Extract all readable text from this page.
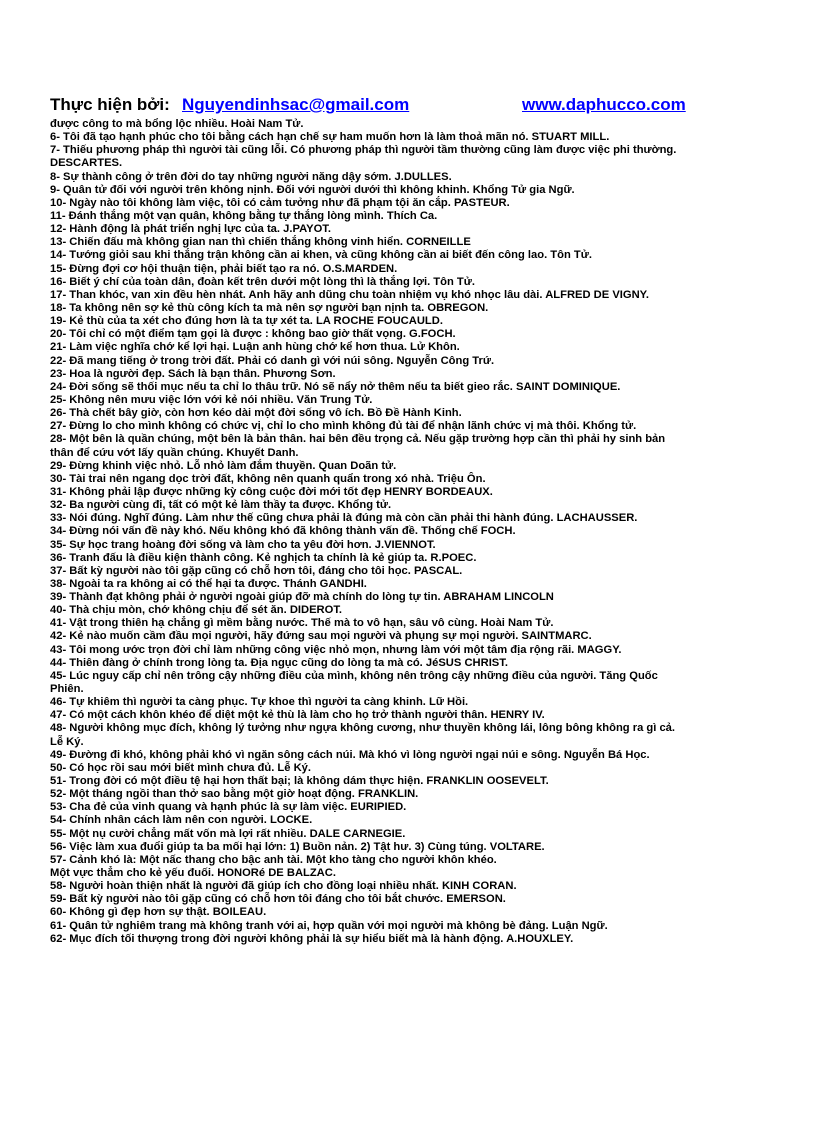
Thực hiện bởi: Nguyendinhsac@gmail.com	www.daphucco.com
được công to mà bổng lộc nhiều. Hoài Nam Tử.
6- Tôi đã tạo hạnh phúc cho tôi bằng cách hạn chế sự ham muốn hơn là làm thoả mãn nó. STUART MILL.
7- Thiếu phương pháp thì người tài cũng lỗi. Có phương pháp thì người tầm thường cũng làm được việc phi thường.
DESCARTES.
8- Sự thành công ở trên đời do tay những người năng dậy sớm. J.DULLES.
9- Quân tử đối với người trên không nịnh. Đối với người dưới thì không khinh. Khổng Tử gia Ngữ.
10- Ngày nào tôi không làm việc, tôi có cảm tưởng như đã phạm tội ăn cắp. PASTEUR.
11- Đánh thắng một vạn quân, không bằng tự thắng lòng mình. Thích Ca.
12- Hành động là phát triển nghị lực của ta. J.PAYOT.
13- Chiến đấu mà không gian nan thì chiến thắng không vinh hiển. CORNEILLE
14- Tướng giỏi sau khi thắng trận không cần ai khen, và cũng không cần ai biết đến công lao. Tôn Tử.
15- Đừng đợi cơ hội thuận tiện, phải biết tạo ra nó. O.S.MARDEN.
16- Biết ý chí của toàn dân, đoàn kết trên dưới một lòng thì là thắng lợi. Tôn Tử.
17- Than khóc, van xin đều hèn nhát. Anh hãy anh dũng chu toàn nhiệm vụ khó nhọc lâu dài. ALFRED DE VIGNY.
18- Ta không nên sợ kẻ thù công kích ta mà nên sợ người bạn nịnh ta. OBREGON.
19- Kẻ thù của ta xét cho đúng hơn là ta tự xét ta. LA ROCHE FOUCAULD.
20- Tôi chỉ có một điểm tạm gọi là được : không bao giờ thất vọng. G.FOCH.
21- Làm việc nghĩa chớ kể lợi hại. Luận anh hùng chớ kể hơn thua. Lử Khôn.
22- Đã mang tiếng ở trong trời đất. Phải có danh gì với núi sông. Nguyễn Công Trứ.
23- Hoa là người đẹp. Sách là bạn thân. Phương Sơn.
24- Đời sống sẽ thối mục nếu ta chỉ lo thâu trữ. Nó sẽ nẩy nở thêm nếu ta biết gieo rắc. SAINT DOMINIQUE.
25- Không nên mưu việc lớn với kẻ nói nhiều. Văn Trung Tử.
26- Thà chết bây giờ, còn hơn kéo dài một đời sống vô ích. Bồ Đề Hành Kinh.
27- Đừng lo cho mình không có chức vị, chỉ lo cho mình không đủ tài để nhận lãnh chức vị mà thôi. Khổng tử.
28- Một bên là quần chúng, một bên là bản thân. hai bên đều trọng cả. Nếu gặp trường hợp cần thì phải hy sinh bản
thân để cứu vớt lấy quần chúng. Khuyết Danh.
29- Đừng khinh việc nhỏ. Lỗ nhỏ làm đắm thuyền. Quan Doãn tử.
30- Tài trai nên ngang dọc trời đất, không nên quanh quẩn trong xó nhà. Triệu Ôn.
31- Không phải lập được những kỳ công cuộc đời mới tốt đẹp HENRY BORDEAUX.
32- Ba người cùng đi, tất có một kẻ làm thầy ta được. Khổng tử.
33- Nói đúng. Nghĩ đúng. Làm như thế cũng chưa phải là đúng mà còn cần phải thi hành đúng. LACHAUSSER.
34- Đừng nói vấn đề này khó. Nếu không khó đã không thành vấn đề. Thống chế FOCH.
35- Sự học trang hoàng đời sống và làm cho ta yêu đời hơn. J.VIENNOT.
36- Tranh đấu là điều kiện thành công. Kẻ nghịch ta chính là kẻ giúp ta. R.POEC.
37- Bất kỳ người nào tôi gặp cũng có chỗ hơn tôi, đáng cho tôi học. PASCAL.
38- Ngoài ta ra không ai có thể hại ta được. Thánh GANDHI.
39- Thành đạt không phải ở người ngoài giúp đỡ mà chính do lòng tự tin. ABRAHAM LINCOLN
40- Thà chịu mòn, chớ không chịu để sét ăn. DIDEROT.
41- Vật trong thiên hạ chẳng gì mềm bằng nước. Thế mà to vô hạn, sâu vô cùng. Hoài Nam Tử.
42- Kẻ nào muốn cầm đầu mọi người, hãy đứng sau mọi người và phụng sự mọi người. SAINTMARC.
43- Tôi mong ước trọn đời chỉ làm những công việc nhỏ mọn, nhưng làm với một tâm địa rộng rãi. MAGGY.
44- Thiên đàng ở chính trong lòng ta. Địa ngục cũng do lòng ta mà có. JéSUS CHRIST.
45- Lúc nguy cấp chỉ nên trông cậy những điều của mình, không nên trông cậy những điều của người. Tăng Quốc
Phiên.
46- Tự khiêm thì người ta càng phục. Tự khoe thì người ta càng khinh. Lữ Hồi.
47- Có một cách khôn khéo để diệt một kẻ thù là làm cho họ trở thành người thân. HENRY IV.
48- Người không mục đích, không lý tưởng như ngựa không cương, như thuyền không lái, lông bông không ra gì cả.
Lễ Ký.
49- Đường đi khó, không phải khó vì ngăn sông cách núi. Mà khó vì lòng người ngại núi e sông. Nguyễn Bá Học.
50- Có học rồi sau mới biết mình chưa đủ. Lễ Ký.
51- Trong đời có một điều tệ hại hơn thất bại; là không dám thực hiện. FRANKLIN OOSEVELT.
52- Một tháng ngồi than thở sao bằng một giờ hoạt động. FRANKLIN.
53- Cha đẻ của vinh quang và hạnh phúc là sự làm việc. EURIPIED.
54- Chính nhân cách làm nên con người. LOCKE.
55- Một nụ cười chẳng mất vốn mà lợi rất nhiều. DALE CARNEGIE.
56- Việc làm xua đuổi giúp ta ba mối hại lớn: 1) Buồn nản. 2) Tật hư. 3) Cùng túng. VOLTARE.
57- Cảnh khó là: Một nấc thang cho bậc anh tài. Một kho tàng cho người khôn khéo.
Một vực thẳm cho kẻ yếu đuối. HONORé DE BALZAC.
58- Người hoàn thiện nhất là người đã giúp ích cho đồng loại nhiều nhất. KINH CORAN.
59- Bất kỳ người nào tôi gặp cũng có chỗ hơn tôi đáng cho tôi bắt chước. EMERSON.
60- Không gì đẹp hơn sự thật. BOILEAU.
61- Quân tử nghiêm trang mà không tranh với ai, hợp quần với mọi người mà không bè đảng. Luận Ngữ.
62- Mục đích tối thượng trong đời người không phải là sự hiểu biết mà là hành động. A.HOUXLEY.
